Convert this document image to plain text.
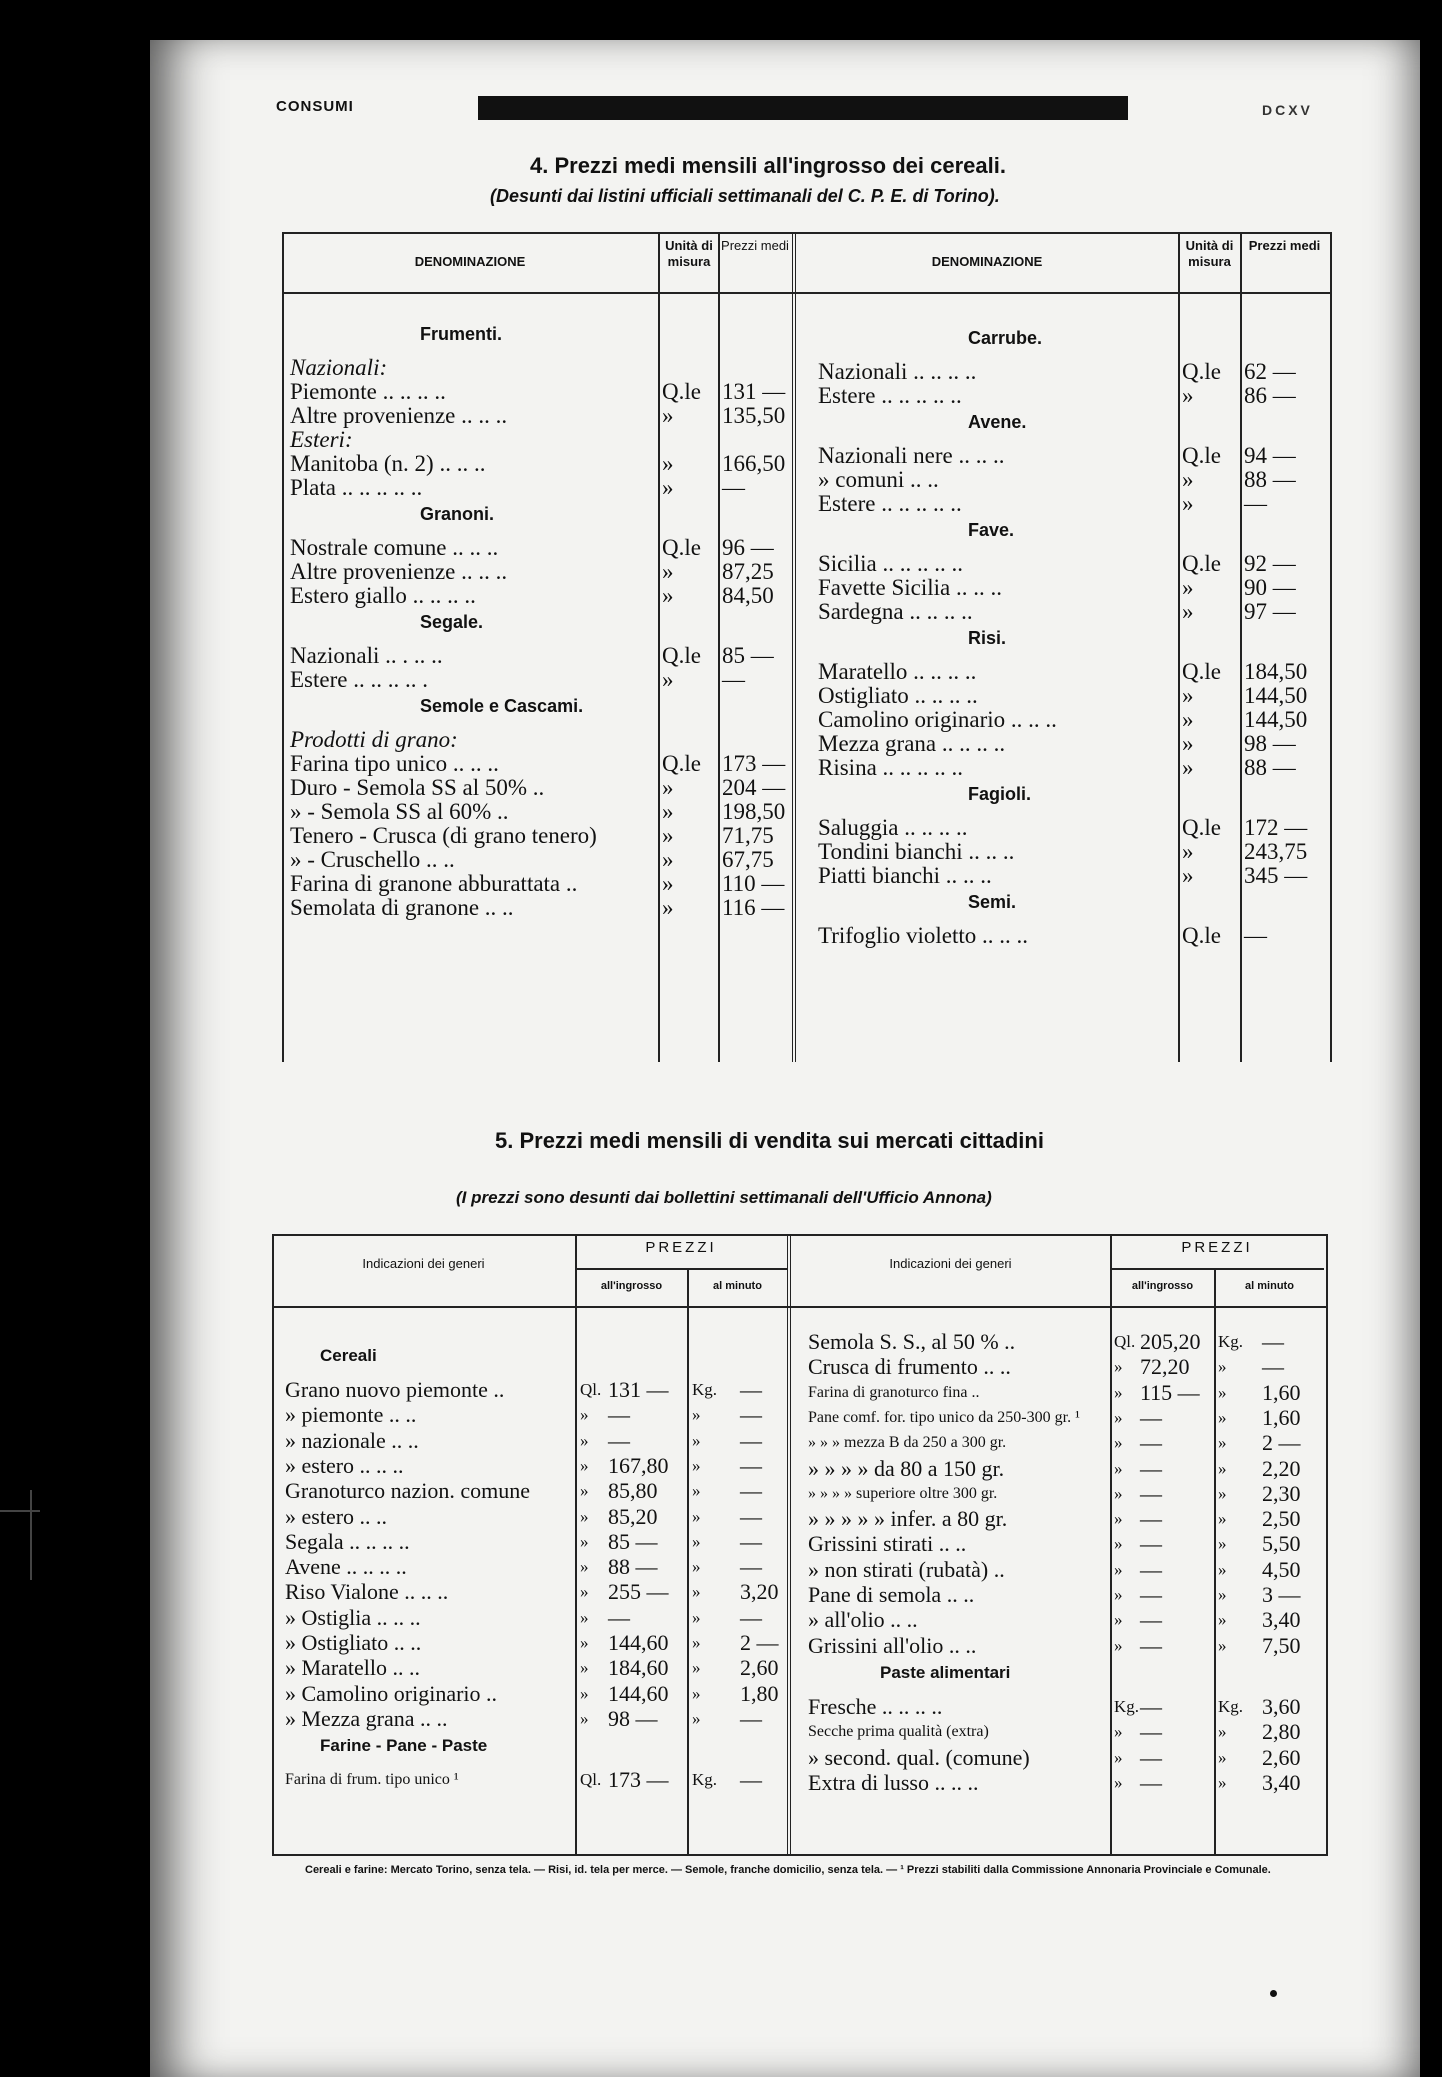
CONSUMI	DCXV
4. Prezzi medi mensili all'ingrosso dei cereali.
(Desunti dai listini ufficiali settimanali del C. P. E. di Torino).
DENOMINAZIONE
Unità di misura
Prezzi medi
DENOMINAZIONE
Unità di misura
Prezzi medi
Frumenti.
Nazionali:
Piemonte .. .. .. ..	Q.le 131 —
Altre provenienze .. .. ..	» 135,50
Esteri:
Manitoba (n. 2) .. .. ..	» 166,50
Plata .. .. .. .. ..	» —
Granoni.
Nostrale comune .. .. ..	Q.le 96 —
Altre provenienze .. .. ..	» 87,25
Estero giallo .. .. .. ..	» 84,50
Segale.
Nazionali .. . .. ..	Q.le 85 —
Estere .. .. .. .. .	» —
Semole e Cascami.
Prodotti di grano:
Farina tipo unico .. .. ..	Q.le 173 —
Duro - Semola SS al 50% ..	» 204 —
» - Semola SS al 60% ..	» 198,50
Tenero - Crusca (di grano tenero)	» 71,75
» - Cruschello .. ..	» 67,75
Farina di granone abburattata ..	» 110 —
Semolata di granone .. ..	» 116 —
Carrube.
Nazionali .. .. .. ..	Q.le 62 —
Estere .. .. .. .. ..	» 86 —
Avene.
Nazionali nere .. .. ..	Q.le 94 —
» comuni .. ..	» 88 —
Estere .. .. .. .. ..	» —
Fave.
Sicilia .. .. .. .. ..	Q.le 92 —
Favette Sicilia .. .. ..	» 90 —
Sardegna .. .. .. ..	» 97 —
Risi.
Maratello .. .. .. ..	Q.le 184,50
Ostigliato .. .. .. ..	» 144,50
Camolino originario .. .. ..	» 144,50
Mezza grana .. .. .. ..	» 98 —
Risina .. .. .. .. ..	» 88 —
Fagioli.
Saluggia .. .. .. ..	Q.le 172 —
Tondini bianchi .. .. ..	» 243,75
Piatti bianchi .. .. ..	» 345 —
Semi.
Trifoglio violetto .. .. ..	Q.le —
5. Prezzi medi mensili di vendita sui mercati cittadini
(I prezzi sono desunti dai bollettini settimanali dell'Ufficio Annona)
Indicazioni dei generi
PREZZI
all'ingrosso	al minuto
Indicazioni dei generi
PREZZI
all'ingrosso	al minuto
Cereali
Grano nuovo piemonte ..	Ql. 131 — Kg. —
» piemonte .. ..	» —	» —
» nazionale .. ..	» —	» —
» estero .. .. ..	» 167,80 » —
Granoturco nazion. comune	» 85,80 » —
» estero .. ..	» 85,20 » —
Segala .. .. .. ..	» 85 — » —
Avene .. .. .. ..	» 88 — » —
Riso Vialone .. .. ..	» 255 — » 3,20
» Ostiglia .. .. ..	» —	» —
» Ostigliato .. ..	» 144,60 » 2 —
» Maratello .. ..	» 184,60 » 2,60
» Camolino originario ..	» 144,60 » 1,80
» Mezza grana .. ..	» 98 — » —
Farine - Pane - Paste
Farina di frum. tipo unico ¹	Ql. 173 — Kg. —
Semola S. S., al 50 % ..	Ql. 205,20 Kg. —
Crusca di frumento .. ..	» 72,20 » —
Farina di granoturco fina ..	» 115 — » 1,60
Pane comf. for. tipo unico da 250-300 gr. ¹ » —	» 1,60
» » » mezza B da 250 a 300 gr.	» —	» 2 —
» » » » da 80 a 150 gr.	» —	» 2,20
» » » » superiore oltre 300 gr.	» —	» 2,30
» » » » » infer. a 80 gr.	» —	» 2,50
Grissini stirati .. ..	» —	» 5,50
» non stirati (rubatà) ..	» —	» 4,50
Pane di semola .. ..	» —	» 3 —
» all'olio .. ..	» —	» 3,40
Grissini all'olio .. ..	» —	» 7,50
Paste alimentari
Fresche .. .. .. ..	Kg. —	Kg. 3,60
Secche prima qualità (extra)	» —	» 2,80
» second. qual. (comune)	» —	» 2,60
Extra di lusso .. .. ..	» —	» 3,40
Cereali e farine: Mercato Torino, senza tela. — Risi, id. tela per merce. — Semole, franche domicilio, senza tela. — ¹ Prezzi stabiliti dalla Commissione Annonaria Provinciale e Comunale.
